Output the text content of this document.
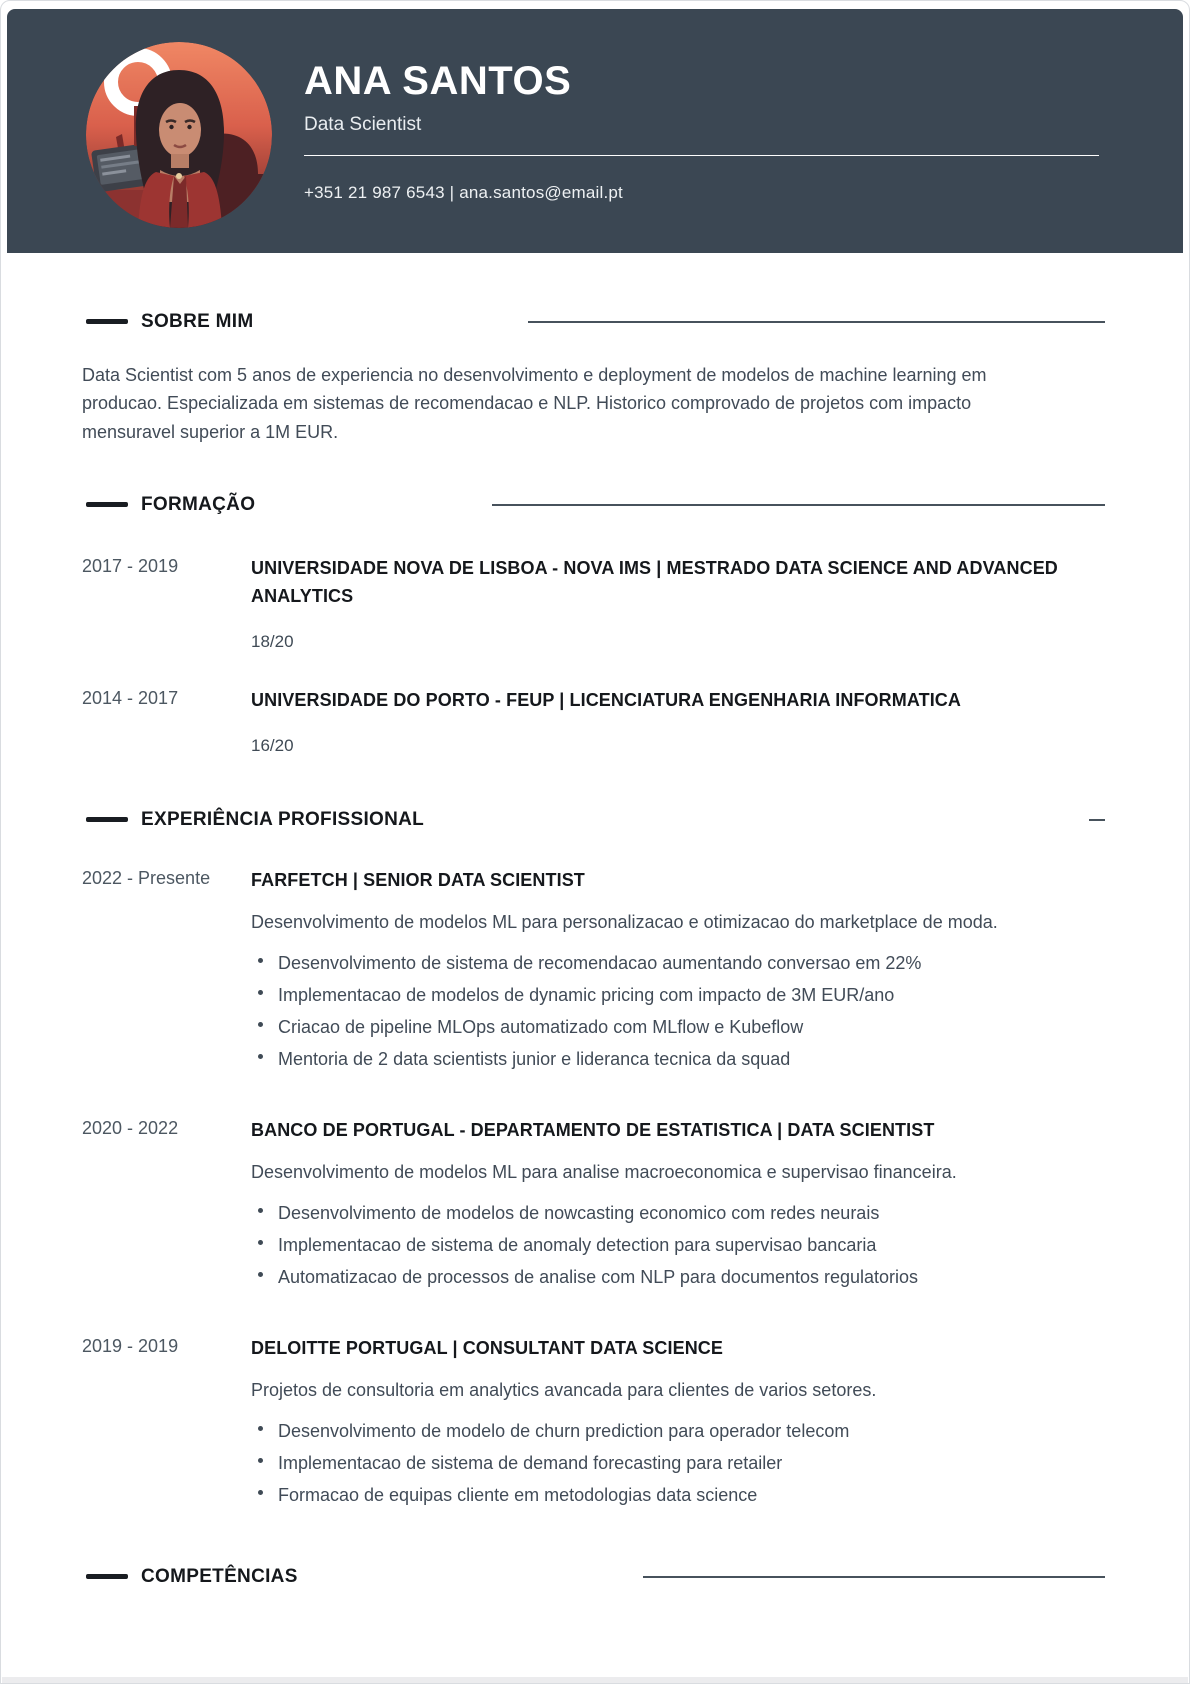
ANA SANTOS
Data Scientist
+351 21 987 6543 | ana.santos@email.pt
SOBRE MIM

Data Scientist com 5 anos de experiencia no desenvolvimento e deployment de modelos de machine learning em producao. Especializada em sistemas de recomendacao e NLP. Historico comprovado de projetos com impacto mensuravel superior a 1M EUR.

FORMAÇÃO
2017 - 2019	UNIVERSIDADE NOVA DE LISBOA - NOVA IMS | MESTRADO DATA SCIENCE AND ADVANCED ANALYTICS
18/20
2014 - 2017	UNIVERSIDADE DO PORTO - FEUP | LICENCIATURA ENGENHARIA INFORMATICA
16/20
EXPERIÊNCIA PROFISSIONAL
2022 - Presente	FARFETCH | SENIOR DATA SCIENTIST
Desenvolvimento de modelos ML para personalizacao e otimizacao do marketplace de moda.
Desenvolvimento de sistema de recomendacao aumentando conversao em 22%
Implementacao de modelos de dynamic pricing com impacto de 3M EUR/ano
Criacao de pipeline MLOps automatizado com MLflow e Kubeflow
Mentoria de 2 data scientists junior e lideranca tecnica da squad
2020 - 2022	BANCO DE PORTUGAL - DEPARTAMENTO DE ESTATISTICA | DATA SCIENTIST
Desenvolvimento de modelos ML para analise macroeconomica e supervisao financeira.
Desenvolvimento de modelos de nowcasting economico com redes neurais
Implementacao de sistema de anomaly detection para supervisao bancaria
Automatizacao de processos de analise com NLP para documentos regulatorios
2019 - 2019	DELOITTE PORTUGAL | CONSULTANT DATA SCIENCE
Projetos de consultoria em analytics avancada para clientes de varios setores.
Desenvolvimento de modelo de churn prediction para operador telecom
Implementacao de sistema de demand forecasting para retailer
Formacao de equipas cliente em metodologias data science
COMPETÊNCIAS
